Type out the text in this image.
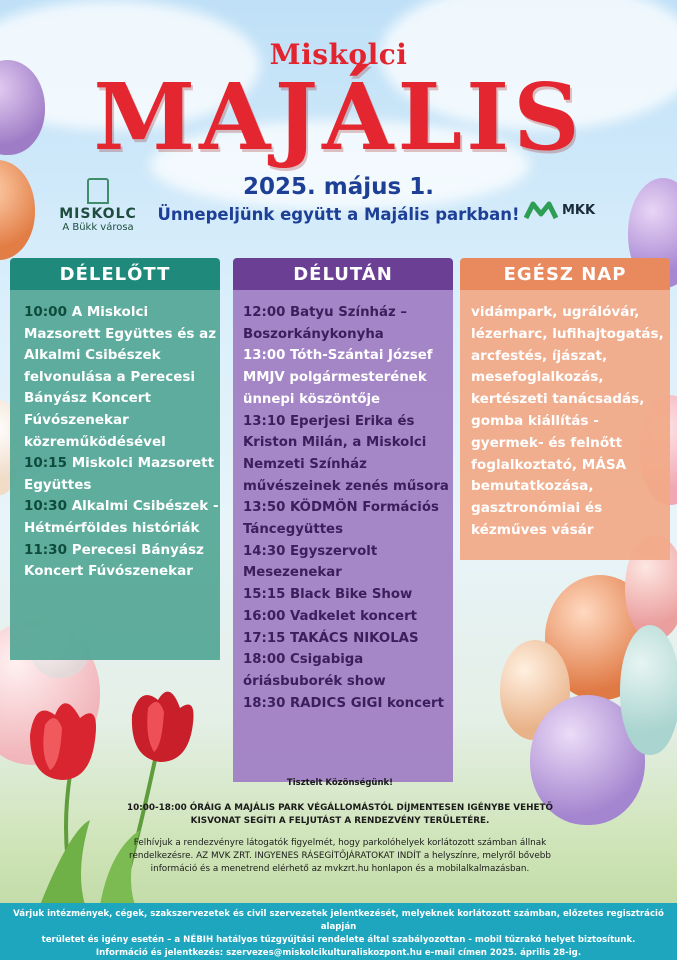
Miskolci
MAJÁLIS
2025. május 1.
Ünnepeljünk együtt a Majális parkban!
MISKOLC
A Bükk városa
MKK
DÉLELŐTT
10:00 A Miskolci Mazsorett Együttes és az Alkalmi Csibészek felvonulása a Perecesi Bányász Koncert Fúvószenekar közreműködésével
10:15 Miskolci Mazsorett Együttes
10:30 Alkalmi Csibészek - Hétmérföldes históriák
11:30 Perecesi Bányász Koncert Fúvószenekar
DÉLUTÁN
12:00 Batyu Színház – Boszorkánykonyha
13:00 Tóth-Szántai József MMJV polgármesterének ünnepi köszöntője
13:10 Eperjesi Erika és Kriston Milán, a Miskolci Nemzeti Színház művészeinek zenés műsora
13:50 KÖDMÖN Formációs Táncegyüttes
14:30 Egyszervolt Mesezenekar
15:15 Black Bike Show
16:00 Vadkelet koncert
17:15 TAKÁCS NIKOLAS
18:00 Csigabiga óriásbuborék show
18:30 RADICS GIGI koncert
EGÉSZ NAP
vidámpark, ugrálóvár, lézerharc, lufihajtogatás, arcfestés, íjászat, mesefoglalkozás, kertészeti tanácsadás, gomba kiállítás - gyermek- és felnőtt foglalkoztató, MÁSA bemutatkozása, gasztronómiai és kézműves vásár
Tisztelt Közönségünk!
10:00-18:00 ÓRÁIG A MAJÁLIS PARK VÉGÁLLOMÁSTÓL DÍJMENTESEN IGÉNYBE VEHETŐ KISVONAT SEGÍTI A FELJUTÁST A RENDEZVÉNY TERÜLETÉRE.
Felhívjuk a rendezvényre látogatók figyelmét, hogy parkolóhelyek korlátozott számban állnak rendelkezésre. AZ MVK ZRT. INGYENES RÁSEGÍTŐJÁRATOKAT INDÍT a helyszínre, melyről bővebb információ és a menetrend elérhető az mvkzrt.hu honlapon és a mobilalkalmazásban.
Várjuk intézmények, cégek, szakszervezetek és civil szervezetek jelentkezését, melyeknek korlátozott számban, előzetes regisztráció alapján
területet és igény esetén – a NÉBIH hatályos tűzgyújtási rendelete által szabályozottan - mobil tűzrakó helyet biztosítunk.
Információ és jelentkezés: szervezes@miskolcikulturaliskozpont.hu e-mail címen 2025. április 28-ig.
